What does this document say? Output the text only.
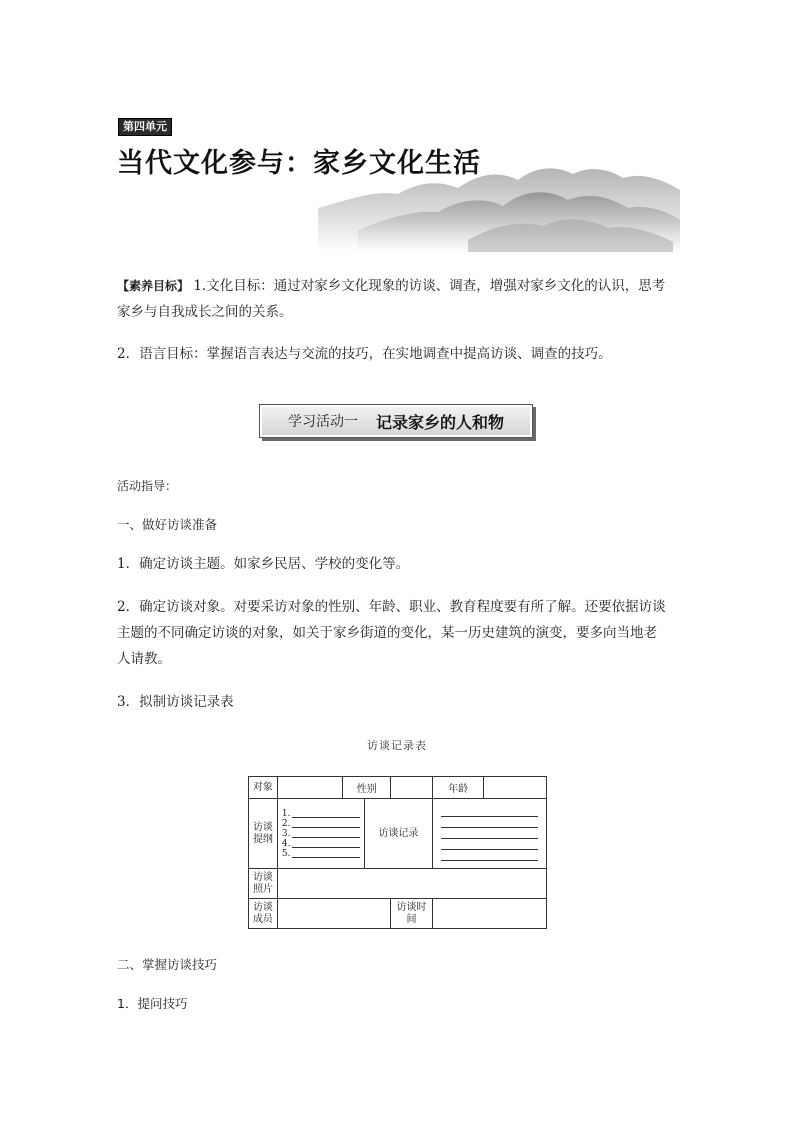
第四单元
当代文化参与：家乡文化生活
【素养目标】 1.文化目标：通过对家乡文化现象的访谈、调查，增强对家乡文化的认识，思考
家乡与自我成长之间的关系。
2．语言目标：掌握语言表达与交流的技巧，在实地调查中提高访谈、调查的技巧。
学习活动一 记录家乡的人和物
活动指导：
一、做好访谈准备
1．确定访谈主题。如家乡民居、学校的变化等。
2．确定访谈对象。对要采访对象的性别、年龄、职业、教育程度要有所了解。还要依据访谈
主题的不同确定访谈的对象，如关于家乡街道的变化，某一历史建筑的演变，要多向当地老
人请教。
3．拟制访谈记录表
访谈记录表
对象		性别			年龄	
访谈提纲	1.
2.
3.
4.
5.		访谈记录			

访谈照片						
访谈成员				访谈时间		
二、掌握访谈技巧
1．提问技巧
